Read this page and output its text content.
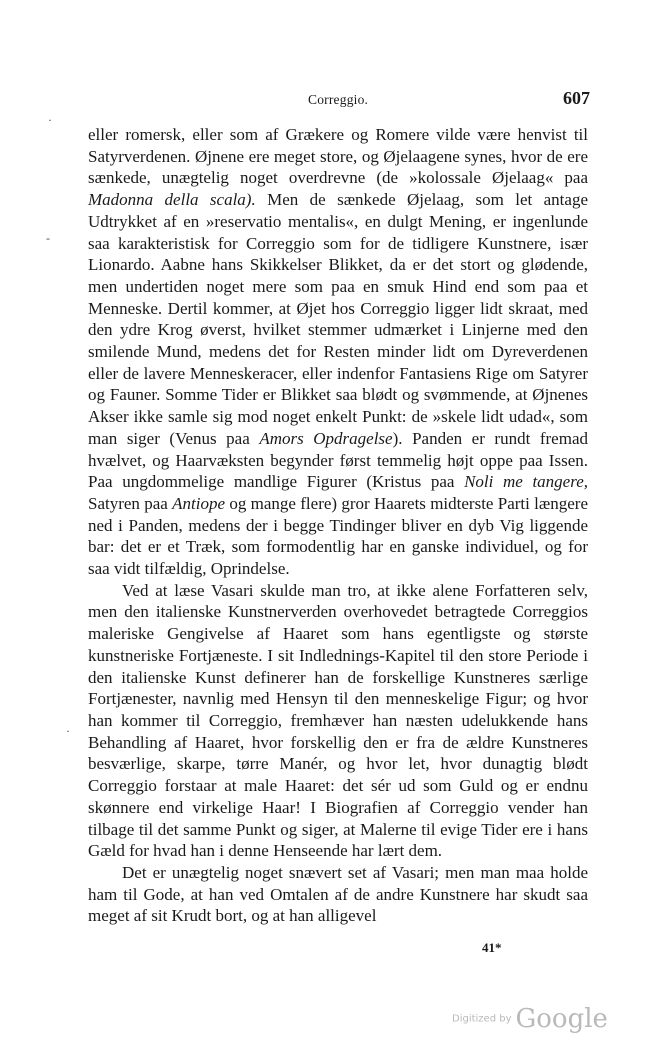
Correggio.	607
·
-
·

eller romersk, eller som af Grækere og Romere vilde være henvist til Satyrverdenen. Øjnene ere meget store, og Øjelaagene synes, hvor de ere sænkede, unægtelig noget overdrevne (de »kolossale Øjelaag« paa Madonna della scala). Men de sænkede Øjelaag, som let antage Udtrykket af en »reservatio mentalis«, en dulgt Mening, er ingenlunde saa karakteristisk for Correggio som for de tidligere Kunstnere, især Lionardo. Aabne hans Skikkelser Blikket, da er det stort og glødende, men undertiden noget mere som paa en smuk Hind end som paa et Menneske. Dertil kommer, at Øjet hos Correggio ligger lidt skraat, med den ydre Krog øverst, hvilket stemmer udmærket i Linjerne med den smilende Mund, medens det for Resten minder lidt om Dyreverdenen eller de lavere Menneskeracer, eller indenfor Fantasiens Rige om Satyrer og Fauner. Somme Tider er Blikket saa blødt og svømmende, at Øjnenes Akser ikke samle sig mod noget enkelt Punkt: de »skele lidt udad«, som man siger (Venus paa Amors Opdragelse). Panden er rundt fremad hvælvet, og Haarvæksten begynder først temmelig højt oppe paa Issen. Paa ungdommelige mandlige Figurer (Kristus paa Noli me tangere, Satyren paa Antiope og mange flere) gror Haarets midterste Parti længere ned i Panden, medens der i begge Tindinger bliver en dyb Vig liggende bar: det er et Træk, som formodentlig har en ganske individuel, og for saa vidt tilfældig, Oprindelse.

Ved at læse Vasari skulde man tro, at ikke alene Forfatteren selv, men den italienske Kunstnerverden overhovedet betragtede Correggios maleriske Gengivelse af Haaret som hans egentligste og største kunstneriske Fortjæneste. I sit Indlednings-Kapitel til den store Periode i den italienske Kunst definerer han de forskellige Kunstneres særlige Fortjænester, navnlig med Hensyn til den menneskelige Figur; og hvor han kommer til Correggio, fremhæver han næsten udelukkende hans Behandling af Haaret, hvor forskellig den er fra de ældre Kunstneres besværlige, skarpe, tørre Manér, og hvor let, hvor dunagtig blødt Correggio forstaar at male Haaret: det sér ud som Guld og er endnu skønnere end virkelige Haar! I Biografien af Correggio vender han tilbage til det samme Punkt og siger, at Malerne til evige Tider ere i hans Gæld for hvad han i denne Henseende har lært dem.

Det er unægtelig noget snævert set af Vasari; men man maa holde ham til Gode, at han ved Omtalen af de andre Kunstnere har skudt saa meget af sit Krudt bort, og at han alligevel

41*
Digitized by Google
